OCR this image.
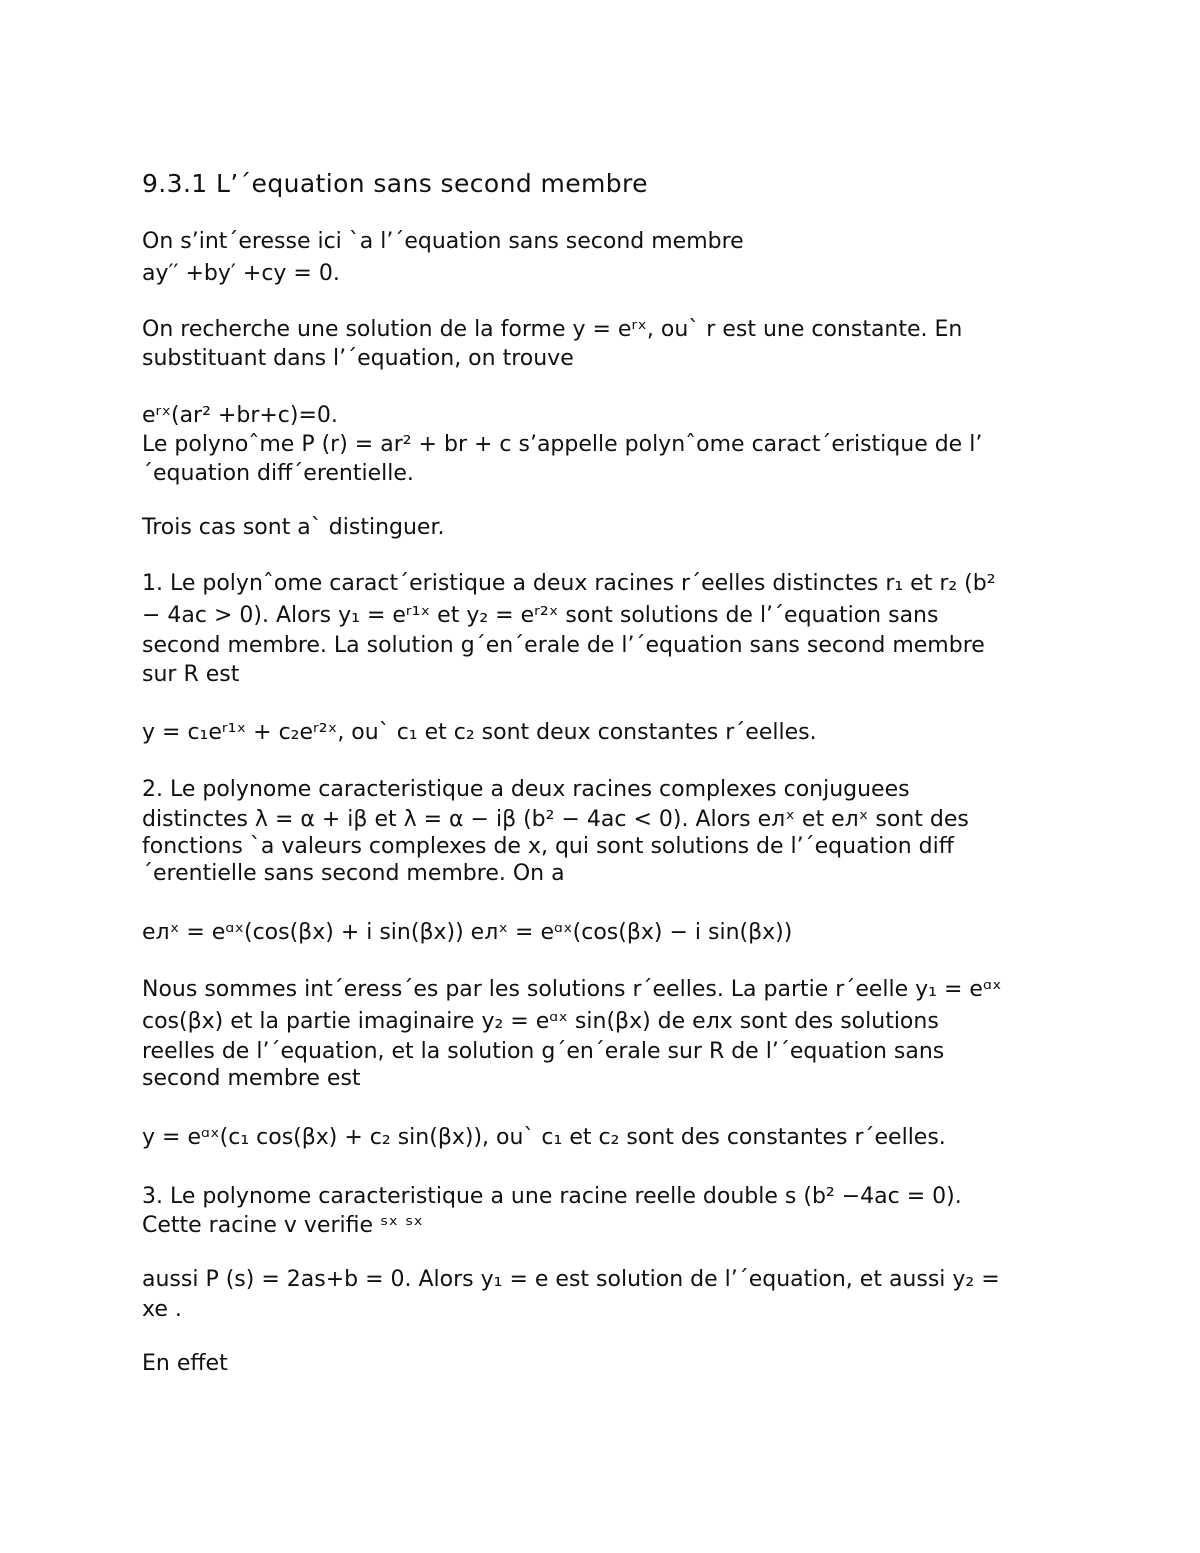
9.3.1 L’´equation sans second membre
On s’int´eresse ici `a l’´equation sans second membre
ay′′ +by′ +cy = 0.
On recherche une solution de la forme y = eʳˣ, ou` r est une constante. En
substituant dans l’´equation, on trouve
eʳˣ(ar² +br+c)=0.
Le polynoˆme P (r) = ar² + br + c s’appelle polynˆome caract´eristique de l’
´equation diff´erentielle.
Trois cas sont a` distinguer.
1. Le polynˆome caract´eristique a deux racines r´eelles distinctes r₁ et r₂ (b²
− 4ac > 0). Alors y₁ = eʳ¹ˣ et y₂ = eʳ²ˣ sont solutions de l’´equation sans
second membre. La solution g´en´erale de l’´equation sans second membre
sur R est
y = c₁eʳ¹ˣ + c₂eʳ²ˣ, ou` c₁ et c₂ sont deux constantes r´eelles.
2. Le polynome caracteristique a deux racines complexes conjuguees
distinctes λ = α + iβ et λ = α − iβ (b² − 4ac < 0). Alors eᴫˣ et eᴫˣ sont des
fonctions `a valeurs complexes de x, qui sont solutions de l’´equation diff
´erentielle sans second membre. On a
eᴫˣ = eᵅˣ(cos(βx) + i sin(βx)) eᴫˣ = eᵅˣ(cos(βx) − i sin(βx))
Nous sommes int´eress´es par les solutions r´eelles. La partie r´eelle y₁ = eᵅˣ
cos(βx) et la partie imaginaire y₂ = eᵅˣ sin(βx) de eᴫx sont des solutions
reelles de l’´equation, et la solution g´en´erale sur R de l’´equation sans
second membre est
y = eᵅˣ(c₁ cos(βx) + c₂ sin(βx)), ou` c₁ et c₂ sont des constantes r´eelles.
3. Le polynome caracteristique a une racine reelle double s (b² −4ac = 0).
Cette racine v verifie ˢˣ ˢˣ
aussi P (s) = 2as+b = 0. Alors y₁ = e est solution de l’´equation, et aussi y₂ =
xe .
En effet
